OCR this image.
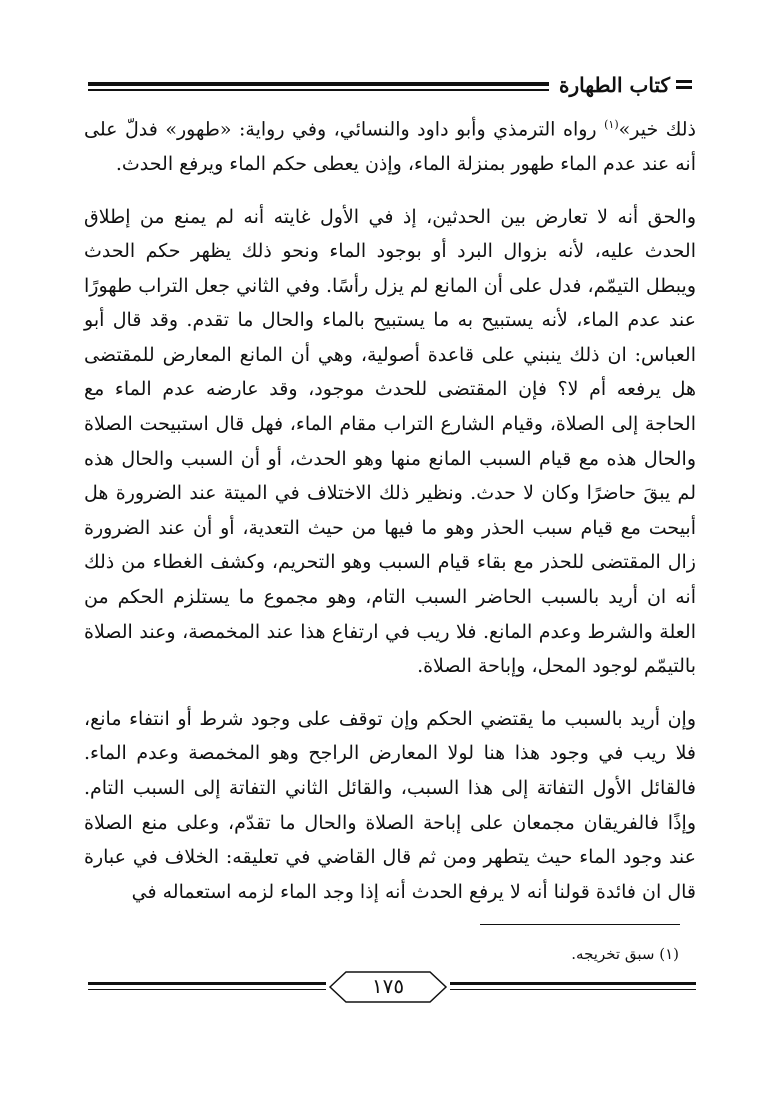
كتاب الطهارة

ذلك خير»$^{(١)}$ رواه الترمذي وأبو داود والنسائي، وفي رواية: «طهور» فدلّ على أنه عند عدم الماء طهور بمنزلة الماء، وإذن يعطى حكم الماء ويرفع الحدث.

والحق أنه لا تعارض بين الحدثين، إذ في الأول غايته أنه لم يمنع من إطلاق الحدث عليه، لأنه بزوال البرد أو بوجود الماء ونحو ذلك يظهر حكم الحدث ويبطل التيمّم، فدل على أن المانع لم يزل رأسًا. وفي الثاني جعل التراب طهورًا عند عدم الماء، لأنه يستبيح به ما يستبيح بالماء والحال ما تقدم. وقد قال أبو العباس: ان ذلك ينبني على قاعدة أصولية، وهي أن المانع المعارض للمقتضى هل يرفعه أم لا؟ فإن المقتضى للحدث موجود، وقد عارضه عدم الماء مع الحاجة إلى الصلاة، وقيام الشارع التراب مقام الماء، فهل قال استبيحت الصلاة والحال هذه مع قيام السبب المانع منها وهو الحدث، أو أن السبب والحال هذه لم يبقَ حاضرًا وكان لا حدث. ونظير ذلك الاختلاف في الميتة عند الضرورة هل أبيحت مع قيام سبب الحذر وهو ما فيها من حيث التعدية، أو أن عند الضرورة زال المقتضى للحذر مع بقاء قيام السبب وهو التحريم، وكشف الغطاء من ذلك أنه ان أريد بالسبب الحاضر السبب التام، وهو مجموع ما يستلزم الحكم من العلة والشرط وعدم المانع. فلا ريب في ارتفاع هذا عند المخمصة، وعند الصلاة بالتيمّم لوجود المحل، وإباحة الصلاة.

وإن أريد بالسبب ما يقتضي الحكم وإن توقف على وجود شرط أو انتفاء مانع، فلا ريب في وجود هذا هنا لولا المعارض الراجح وهو المخمصة وعدم الماء. فالقائل الأول التفاتة إلى هذا السبب، والقائل الثاني التفاتة إلى السبب التام. وإذًا فالفريقان مجمعان على إباحة الصلاة والحال ما تقدّم، وعلى منع الصلاة عند وجود الماء حيث يتطهر ومن ثم قال القاضي في تعليقه: الخلاف في عبارة قال ان فائدة قولنا أنه لا يرفع الحدث أنه إذا وجد الماء لزمه استعماله في

(١) سبق تخريجه.
١٧٥
